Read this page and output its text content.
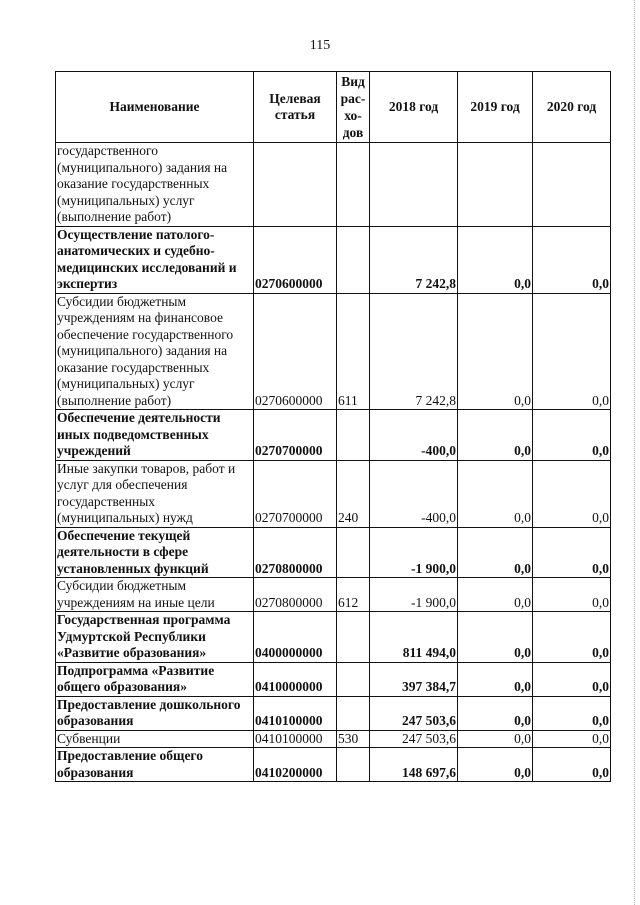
115
Наименование	Целевая статья	Вид рас-хо-дов	2018 год	2019 год	2020 год
государственного (муниципального) задания на оказание государственных (муниципальных) услуг (выполнение работ)					
Осуществление патолого-анатомических и судебно-медицинских исследований и экспертиз	0270600000		7 242,8	0,0	0,0
Субсидии бюджетным учреждениям на финансовое обеспечение государственного (муниципального) задания на оказание государственных (муниципальных) услуг (выполнение работ)	0270600000	611	7 242,8	0,0	0,0
Обеспечение деятельности иных подведомственных учреждений	0270700000		-400,0	0,0	0,0
Иные закупки товаров, работ и услуг для обеспечения государственных (муниципальных) нужд	0270700000	240	-400,0	0,0	0,0
Обеспечение текущей деятельности в сфере установленных функций	0270800000		-1 900,0	0,0	0,0
Субсидии бюджетным учреждениям на иные цели	0270800000	612	-1 900,0	0,0	0,0
Государственная программа Удмуртской Республики «Развитие образования»	0400000000		811 494,0	0,0	0,0
Подпрограмма «Развитие общего образования»	0410000000		397 384,7	0,0	0,0
Предоставление дошкольного образования	0410100000		247 503,6	0,0	0,0
Субвенции	0410100000	530	247 503,6	0,0	0,0
Предоставление общего образования	0410200000		148 697,6	0,0	0,0
